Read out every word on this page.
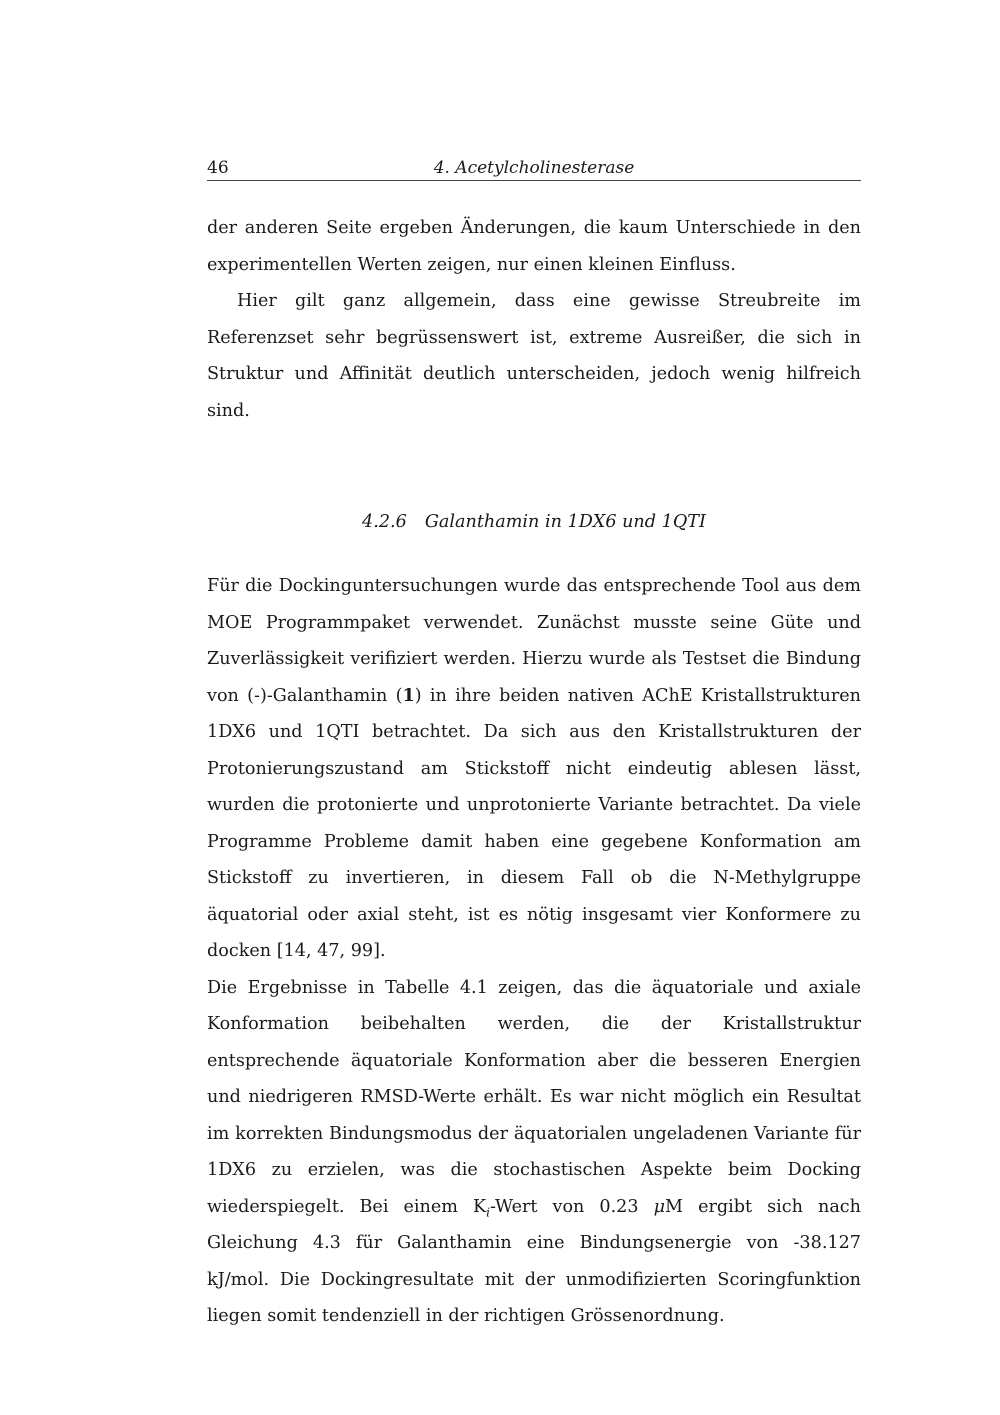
46	4. Acetylcholinesterase

der anderen Seite ergeben Änderungen, die kaum Unterschiede in den experimentellen Werten zeigen, nur einen kleinen Einfluss.

Hier gilt ganz allgemein, dass eine gewisse Streubreite im Referenzset sehr begrüssenswert ist, extreme Ausreißer, die sich in Struktur und Affinität deutlich unterscheiden, jedoch wenig hilfreich sind.

4.2.6 Galanthamin in 1DX6 und 1QTI

Für die Dockinguntersuchungen wurde das entsprechende Tool aus dem MOE Programmpaket verwendet. Zunächst musste seine Güte und Zuverlässigkeit verifiziert werden. Hierzu wurde als Testset die Bindung von (-)-Galanthamin (1) in ihre beiden nativen AChE Kristallstrukturen 1DX6 und 1QTI betrachtet. Da sich aus den Kristallstrukturen der Protonierungszustand am Stickstoff nicht eindeutig ablesen lässt, wurden die protonierte und unprotonierte Variante betrachtet. Da viele Programme Probleme damit haben eine gegebene Konformation am Stickstoff zu invertieren, in diesem Fall ob die N-Methylgruppe äquatorial oder axial steht, ist es nötig insgesamt vier Konformere zu docken [14, 47, 99].

Die Ergebnisse in Tabelle 4.1 zeigen, das die äquatoriale und axiale Konformation beibehalten werden, die der Kristallstruktur entsprechende äquatoriale Konformation aber die besseren Energien und niedrigeren RMSD-Werte erhält. Es war nicht möglich ein Resultat im korrekten Bindungsmodus der äquatorialen ungeladenen Variante für 1DX6 zu erzielen, was die stochastischen Aspekte beim Docking wiederspiegelt. Bei einem $K_i$-Wert von 0.23 μM ergibt sich nach Gleichung 4.3 für Galanthamin eine Bindungsenergie von -38.127 kJ/mol. Die Dockingresultate mit der unmodifizierten Scoringfunktion liegen somit tendenziell in der richtigen Grössenordnung.
